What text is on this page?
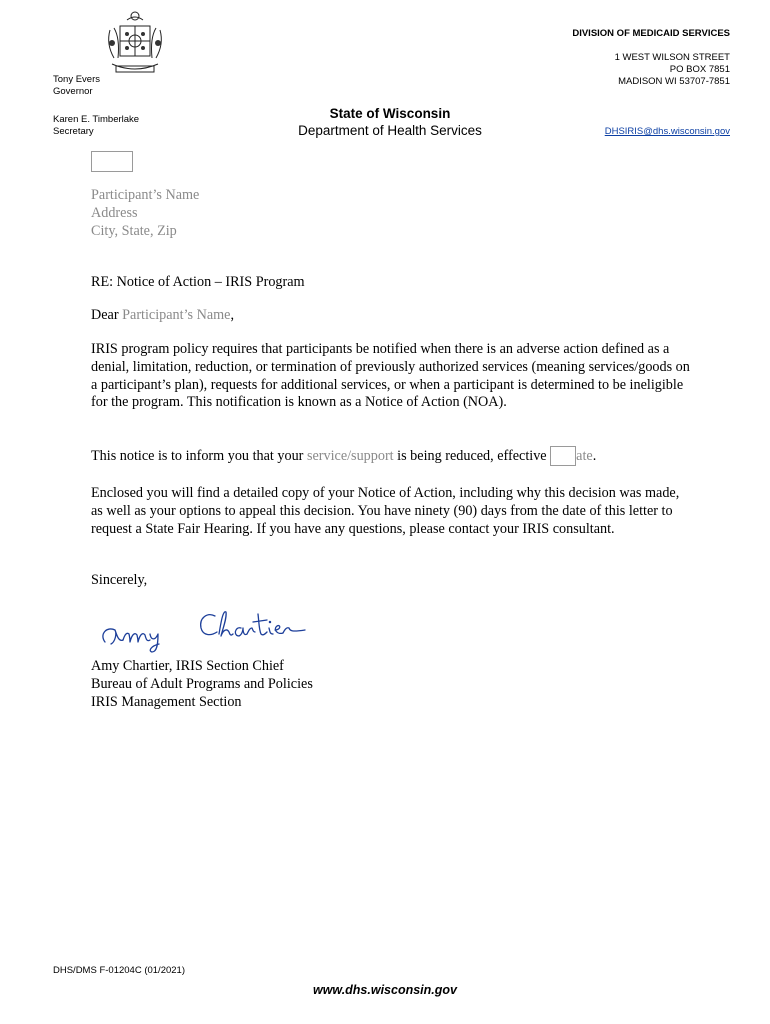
Tony Evers
Governor
Karen E. Timberlake
Secretary
State of Wisconsin
Department of Health Services
DIVISION OF MEDICAID SERVICES
1 WEST WILSON STREET
PO BOX 7851
MADISON WI 53707-7851
DHSIRIS@dhs.wisconsin.gov
Participant’s Name
Address
City, State, Zip
RE: Notice of Action – IRIS Program
Dear Participant’s Name,

IRIS program policy requires that participants be notified when there is an adverse action defined as a denial, limitation, reduction, or termination of previously authorized services (meaning services/goods on a participant’s plan), requests for additional services, or when a participant is determined to be ineligible for the program. This notification is known as a Notice of Action (NOA).

This notice is to inform you that your service/support is being reduced, effective ate.

Enclosed you will find a detailed copy of your Notice of Action, including why this decision was made, as well as your options to appeal this decision. You have ninety (90) days from the date of this letter to request a State Fair Hearing. If you have any questions, please contact your IRIS consultant.

Sincerely,
Amy Chartier, IRIS Section Chief
Bureau of Adult Programs and Policies
IRIS Management Section
DHS/DMS F-01204C (01/2021)
www.dhs.wisconsin.gov
